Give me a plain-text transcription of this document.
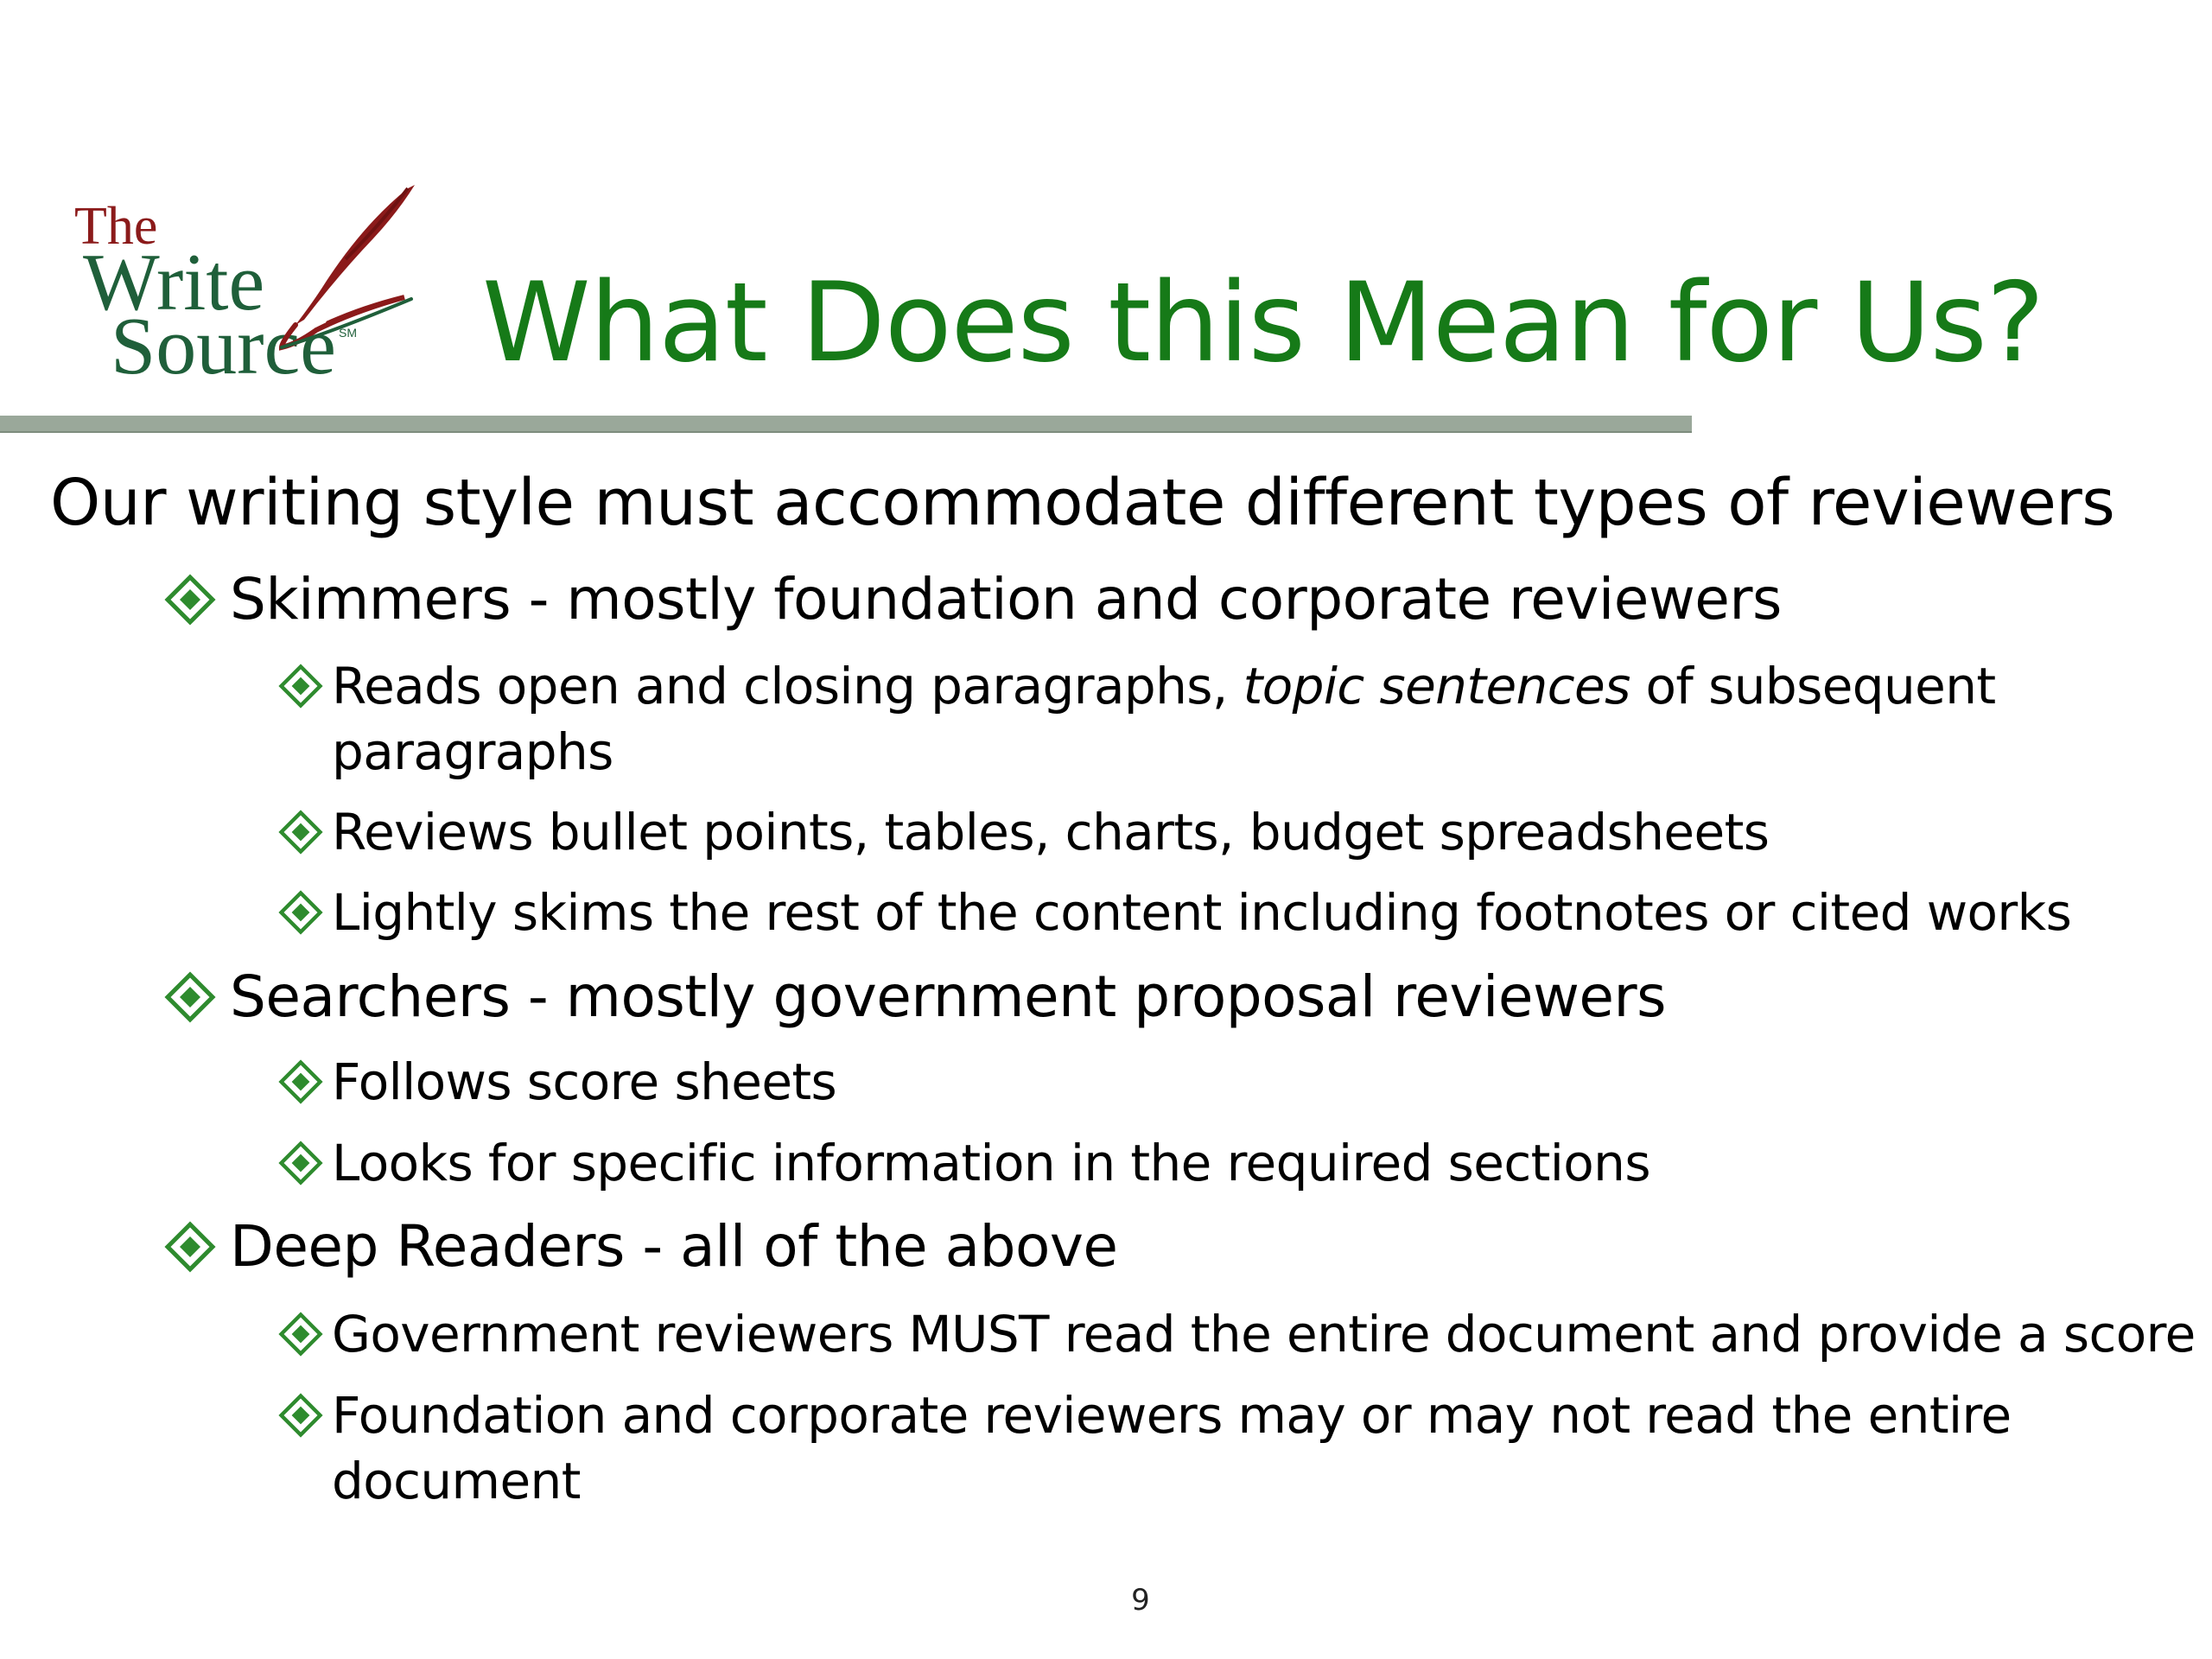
The
Write
Source SM What Does this Mean for Us?

Our writing style must accommodate different types of reviewers

Skimmers - mostly foundation and corporate reviewers
Reads open and closing paragraphs, topic sentences of subsequent paragraphs
Reviews bullet points, tables, charts, budget spreadsheets
Lightly skims the rest of the content including footnotes or cited works
Searchers - mostly government proposal reviewers
Follows score sheets
Looks for specific information in the required sections
Deep Readers - all of the above
Government reviewers MUST read the entire document and provide a score
Foundation and corporate reviewers may or may not read the entire document
9
